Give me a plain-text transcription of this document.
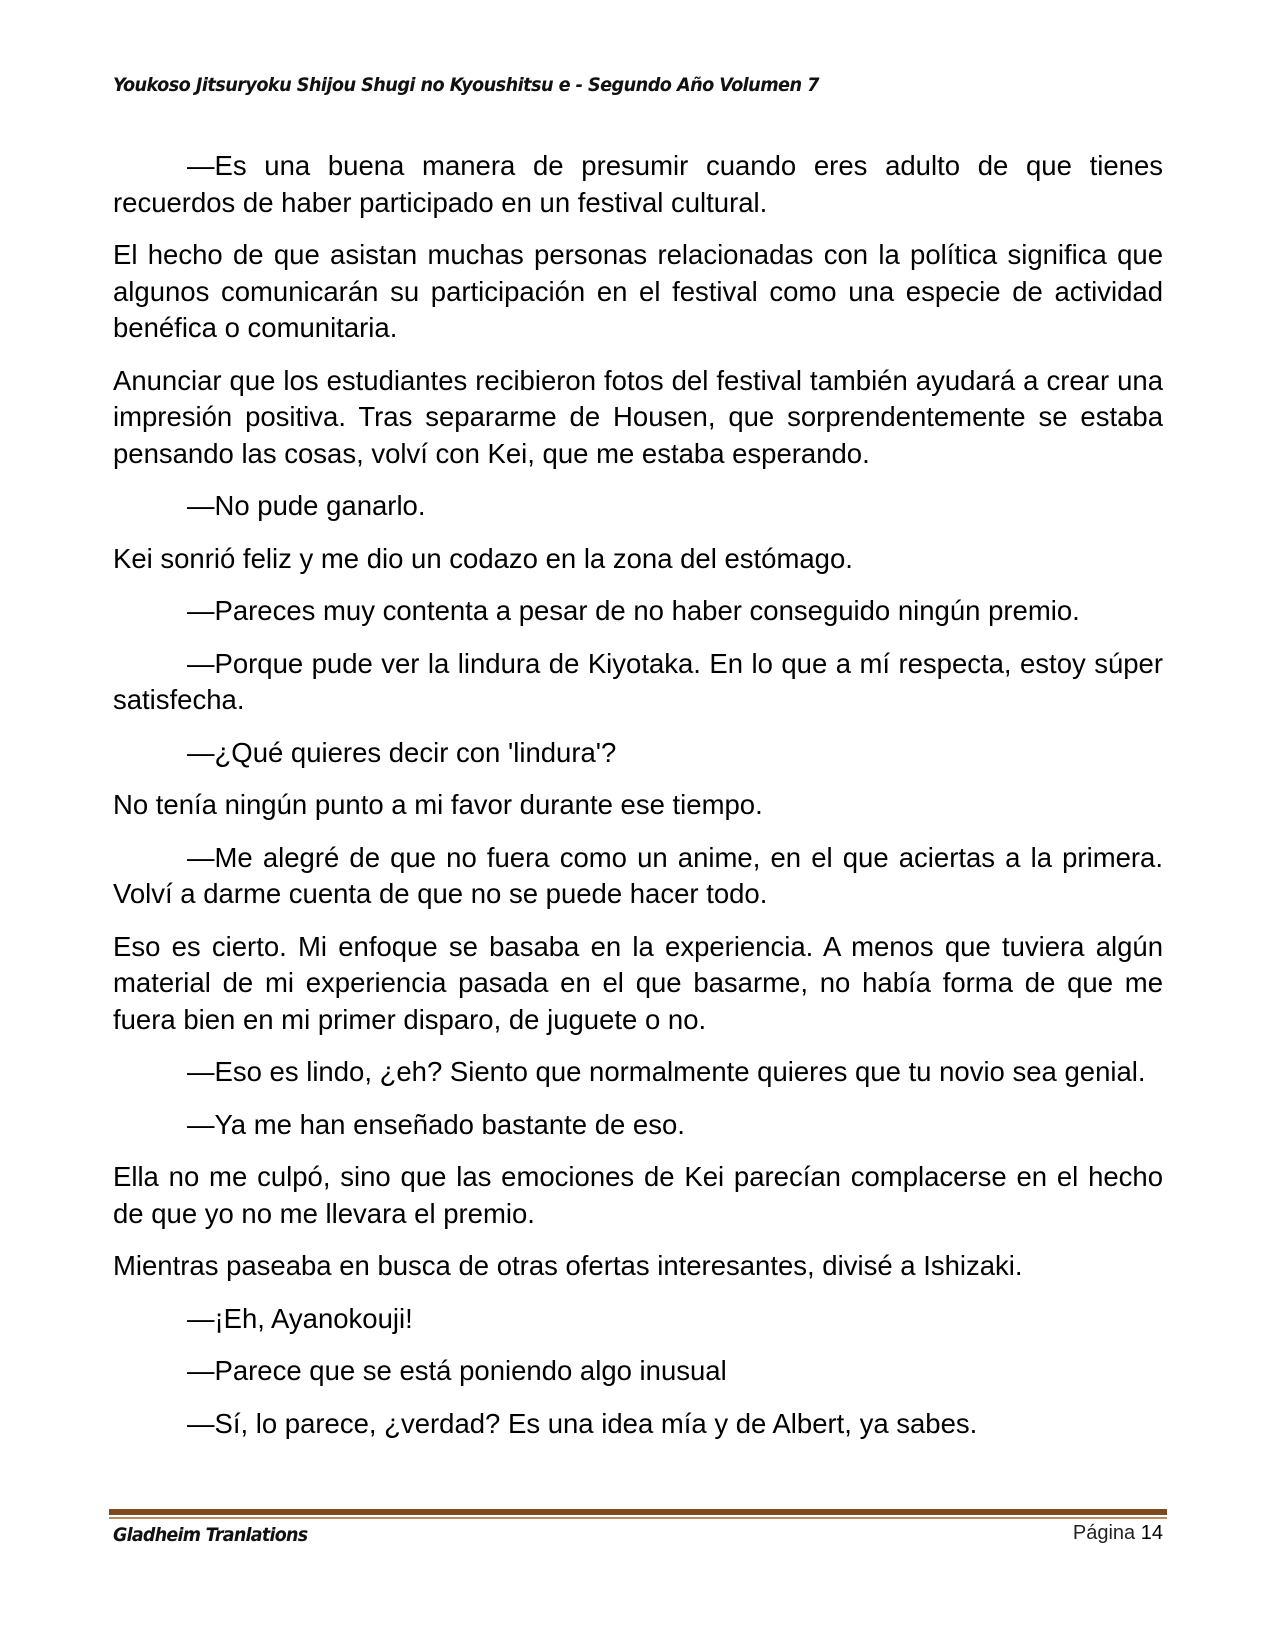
Youkoso Jitsuryoku Shijou Shugi no Kyoushitsu e - Segundo Año Volumen 7

—Es una buena manera de presumir cuando eres adulto de que tienes recuerdos de haber participado en un festival cultural.

El hecho de que asistan muchas personas relacionadas con la política significa que algunos comunicarán su participación en el festival como una especie de actividad benéfica o comunitaria.

Anunciar que los estudiantes recibieron fotos del festival también ayudará a crear una impresión positiva. Tras separarme de Housen, que sorprendentemente se estaba pensando las cosas, volví con Kei, que me estaba esperando.

—No pude ganarlo.

Kei sonrió feliz y me dio un codazo en la zona del estómago.

—Pareces muy contenta a pesar de no haber conseguido ningún premio.

—Porque pude ver la lindura de Kiyotaka. En lo que a mí respecta, estoy súper satisfecha.

—¿Qué quieres decir con 'lindura'?

No tenía ningún punto a mi favor durante ese tiempo.

—Me alegré de que no fuera como un anime, en el que aciertas a la primera. Volví a darme cuenta de que no se puede hacer todo.

Eso es cierto. Mi enfoque se basaba en la experiencia. A menos que tuviera algún material de mi experiencia pasada en el que basarme, no había forma de que me fuera bien en mi primer disparo, de juguete o no.

—Eso es lindo, ¿eh? Siento que normalmente quieres que tu novio sea genial.

—Ya me han enseñado bastante de eso.

Ella no me culpó, sino que las emociones de Kei parecían complacerse en el hecho de que yo no me llevara el premio.

Mientras paseaba en busca de otras ofertas interesantes, divisé a Ishizaki.

—¡Eh, Ayanokouji!

—Parece que se está poniendo algo inusual

—Sí, lo parece, ¿verdad? Es una idea mía y de Albert, ya sabes.

Gladheim Tranlations	Página 14
